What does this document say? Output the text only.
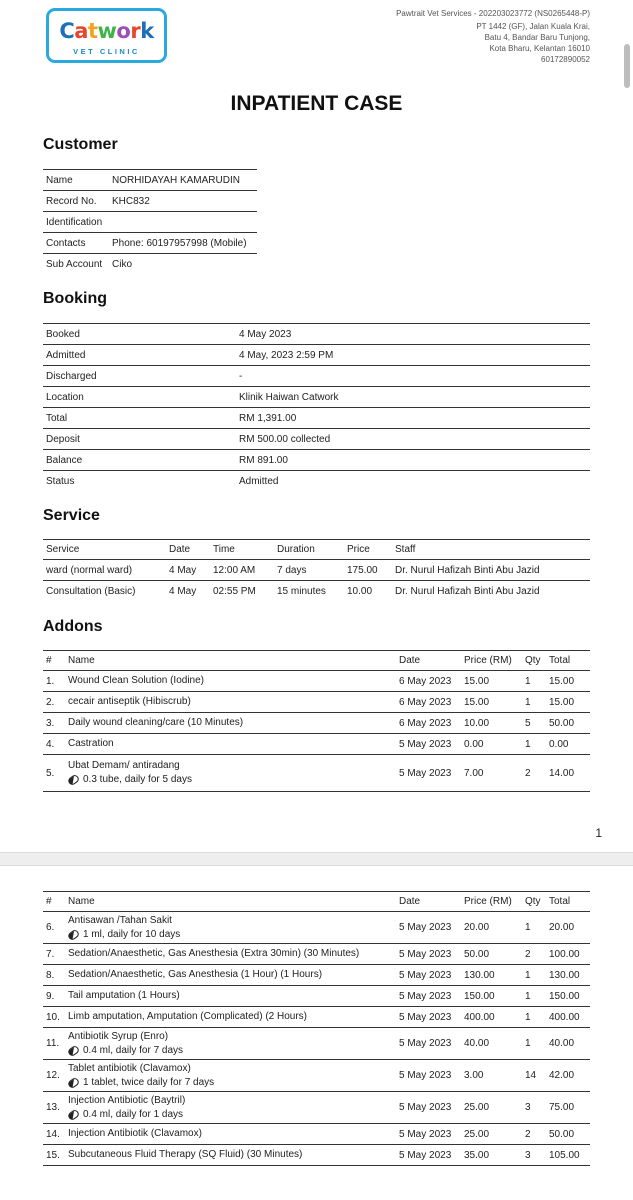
Catwork
VET CLINIC
Pawtrait Vet Services - 202203023772 (NS0265448-P)
PT 1442 (GF), Jalan Kuala Krai,
Batu 4, Bandar Baru Tunjong,
Kota Bharu, Kelantan 16010
60172890052
INPATIENT CASE
Customer
Name	NORHIDAYAH KAMARUDIN
Record No.	KHC832

Identification	

Contacts	Phone: 60197957998 (Mobile)
Sub Account	Ciko
Booking
Booked	4 May 2023
Admitted	4 May, 2023 2:59 PM
Discharged	-
Location	Klinik Haiwan Catwork
Total	RM 1,391.00
Deposit	RM 500.00 collected
Balance	RM 891.00
Status	Admitted
Service
Service	Date	Time	Duration	Price	Staff
ward (normal ward)	4 May	12:00 AM	7 days	175.00	Dr. Nurul Hafizah Binti Abu Jazid
Consultation (Basic)	4 May	02:55 PM	15 minutes	10.00	Dr. Nurul Hafizah Binti Abu Jazid
Addons
#	Name	Date	Price (RM)	Qty	Total
1.	Wound Clean Solution (Iodine)	6 May 2023	15.00	1	15.00
2.	cecair antiseptik (Hibiscrub)	6 May 2023	15.00	1	15.00
3.	Daily wound cleaning/care (10 Minutes)	6 May 2023	10.00	5	50.00
4.	Castration	5 May 2023	0.00	1	0.00
5.	Ubat Demam/ antiradang
0.3 tube, daily for 5 days	5 May 2023	7.00	2	14.00
1
#	Name	Date	Price (RM)	Qty	Total
6.	Antisawan /Tahan Sakit
1 ml, daily for 10 days	5 May 2023	20.00	1	20.00
7.	Sedation/Anaesthetic, Gas Anesthesia (Extra 30min) (30 Minutes)	5 May 2023	50.00	2	100.00
8.	Sedation/Anaesthetic, Gas Anesthesia (1 Hour) (1 Hours)	5 May 2023	130.00	1	130.00
9.	Tail amputation (1 Hours)	5 May 2023	150.00	1	150.00
10.	Limb amputation, Amputation (Complicated) (2 Hours)	5 May 2023	400.00	1	400.00
11.	Antibiotik Syrup (Enro)
0.4 ml, daily for 7 days	5 May 2023	40.00	1	40.00
12.	Tablet antibiotik (Clavamox)
1 tablet, twice daily for 7 days	5 May 2023	3.00	14	42.00
13.	Injection Antibiotic (Baytril)
0.4 ml, daily for 1 days	5 May 2023	25.00	3	75.00
14.	Injection Antibiotik (Clavamox)	5 May 2023	25.00	2	50.00
15.	Subcutaneous Fluid Therapy (SQ Fluid) (30 Minutes)	5 May 2023	35.00	3	105.00
